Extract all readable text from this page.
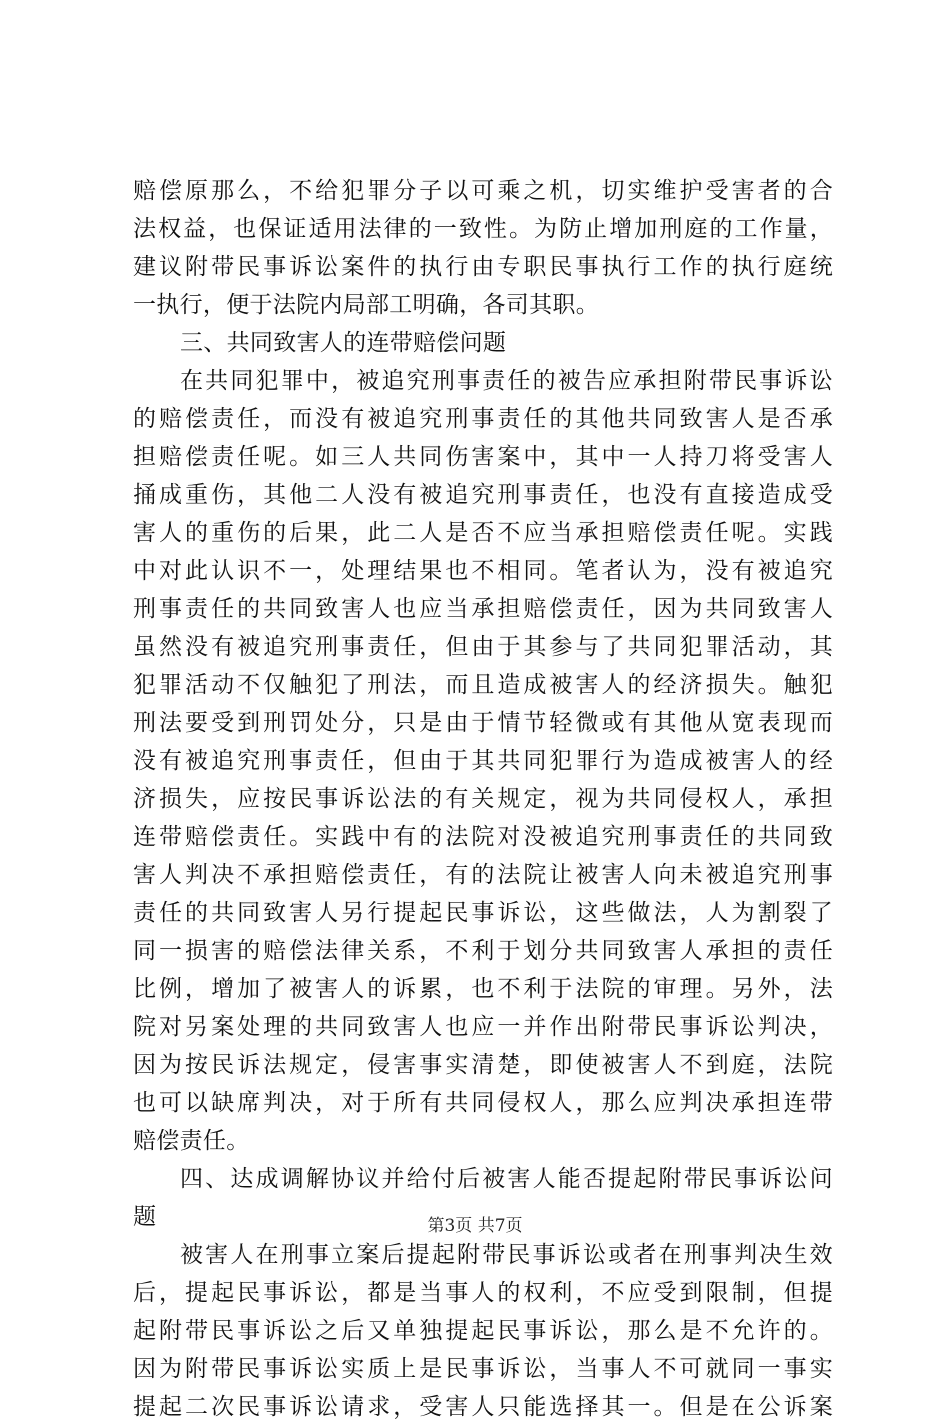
赔偿原那么，不给犯罪分子以可乘之机，切实维护受害者的合
法权益，也保证适用法律的一致性。为防止增加刑庭的工作量，
建议附带民事诉讼案件的执行由专职民事执行工作的执行庭统
一执行，便于法院内局部工明确，各司其职。
三、共同致害人的连带赔偿问题
在共同犯罪中，被追究刑事责任的被告应承担附带民事诉讼
的赔偿责任，而没有被追究刑事责任的其他共同致害人是否承
担赔偿责任呢。如三人共同伤害案中，其中一人持刀将受害人
捅成重伤，其他二人没有被追究刑事责任，也没有直接造成受
害人的重伤的后果，此二人是否不应当承担赔偿责任呢。实践
中对此认识不一，处理结果也不相同。笔者认为，没有被追究
刑事责任的共同致害人也应当承担赔偿责任，因为共同致害人
虽然没有被追究刑事责任，但由于其参与了共同犯罪活动，其
犯罪活动不仅触犯了刑法，而且造成被害人的经济损失。触犯
刑法要受到刑罚处分，只是由于情节轻微或有其他从宽表现而
没有被追究刑事责任，但由于其共同犯罪行为造成被害人的经
济损失，应按民事诉讼法的有关规定，视为共同侵权人，承担
连带赔偿责任。实践中有的法院对没被追究刑事责任的共同致
害人判决不承担赔偿责任，有的法院让被害人向未被追究刑事
责任的共同致害人另行提起民事诉讼，这些做法，人为割裂了
同一损害的赔偿法律关系，不利于划分共同致害人承担的责任
比例，增加了被害人的诉累，也不利于法院的审理。另外，法
院对另案处理的共同致害人也应一并作出附带民事诉讼判决，
因为按民诉法规定，侵害事实清楚，即使被害人不到庭，法院
也可以缺席判决，对于所有共同侵权人，那么应判决承担连带
赔偿责任。
四、达成调解协议并给付后被害人能否提起附带民事诉讼问
题
被害人在刑事立案后提起附带民事诉讼或者在刑事判决生效
后，提起民事诉讼，都是当事人的权利，不应受到限制，但提
起附带民事诉讼之后又单独提起民事诉讼，那么是不允许的。
因为附带民事诉讼实质上是民事诉讼，当事人不可就同一事实
提起二次民事诉讼请求，受害人只能选择其一。但是在公诉案
第3页 共7页
